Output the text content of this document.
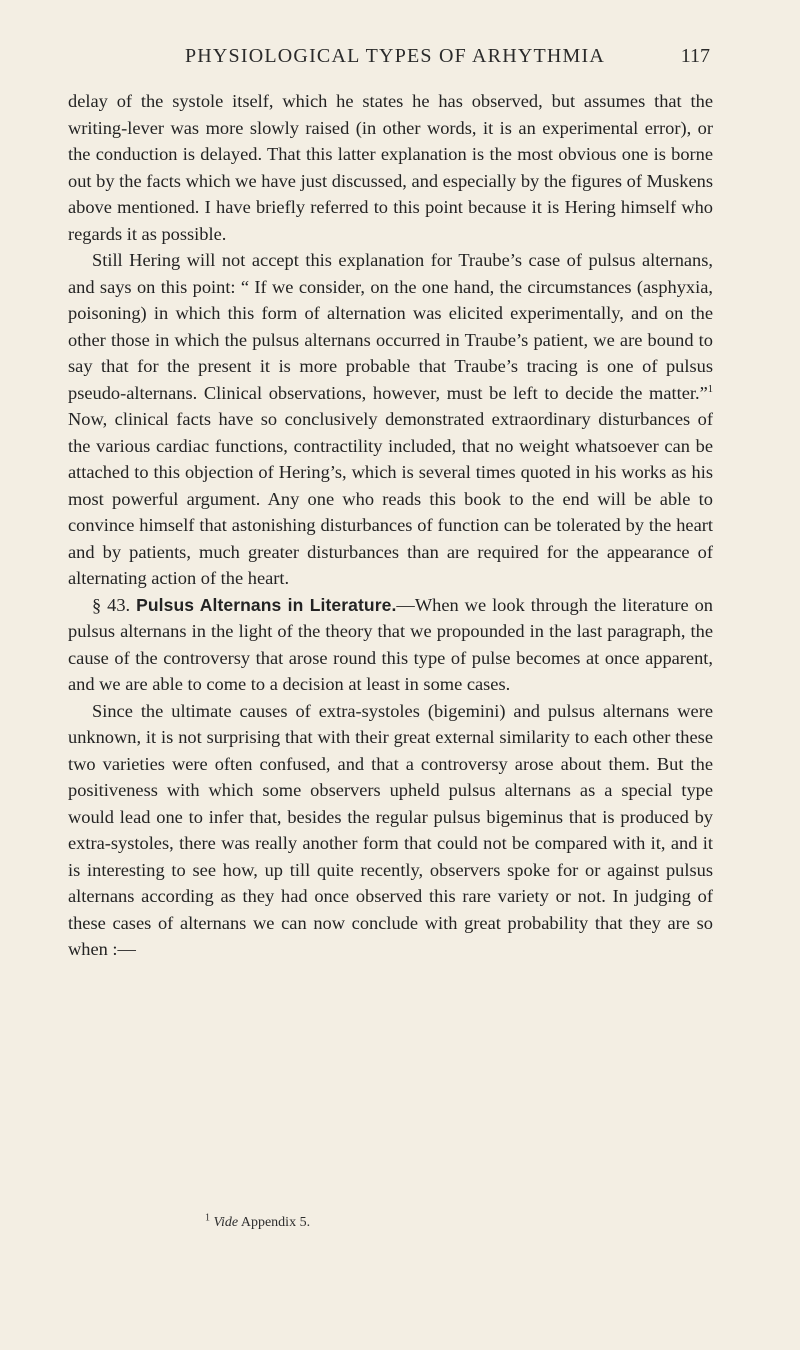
PHYSIOLOGICAL TYPES OF ARHYTHMIA	117

delay of the systole itself, which he states he has observed, but assumes that the writing-lever was more slowly raised (in other words, it is an experimental error), or the conduction is delayed. That this latter explanation is the most obvious one is borne out by the facts which we have just discussed, and especially by the figures of Muskens above mentioned. I have briefly referred to this point because it is Hering himself who regards it as possible.

Still Hering will not accept this explanation for Traube’s case of pulsus alternans, and says on this point: “ If we consider, on the one hand, the circumstances (asphyxia, poisoning) in which this form of alternation was elicited experimentally, and on the other those in which the pulsus alternans occurred in Traube’s patient, we are bound to say that for the present it is more probable that Traube’s tracing is one of pulsus pseudo-alternans. Clinical observations, however, must be left to decide the matter.”$^1$ Now, clinical facts have so conclusively demonstrated extraordinary disturbances of the various cardiac functions, contractility included, that no weight whatsoever can be attached to this objection of Hering’s, which is several times quoted in his works as his most powerful argument. Any one who reads this book to the end will be able to convince himself that astonishing disturbances of function can be tolerated by the heart and by patients, much greater disturbances than are required for the appearance of alternating action of the heart.

§ 43. Pulsus Alternans in Literature.—When we look through the literature on pulsus alternans in the light of the theory that we propounded in the last paragraph, the cause of the controversy that arose round this type of pulse becomes at once apparent, and we are able to come to a decision at least in some cases.

Since the ultimate causes of extra-systoles (bigemini) and pulsus alternans were unknown, it is not surprising that with their great external similarity to each other these two varieties were often confused, and that a controversy arose about them. But the positiveness with which some observers upheld pulsus alternans as a special type would lead one to infer that, besides the regular pulsus bigeminus that is produced by extra-systoles, there was really another form that could not be compared with it, and it is interesting to see how, up till quite recently, observers spoke for or against pulsus alternans according as they had once observed this rare variety or not. In judging of these cases of alternans we can now conclude with great probability that they are so when :—

$^1$ Vide Appendix 5.
